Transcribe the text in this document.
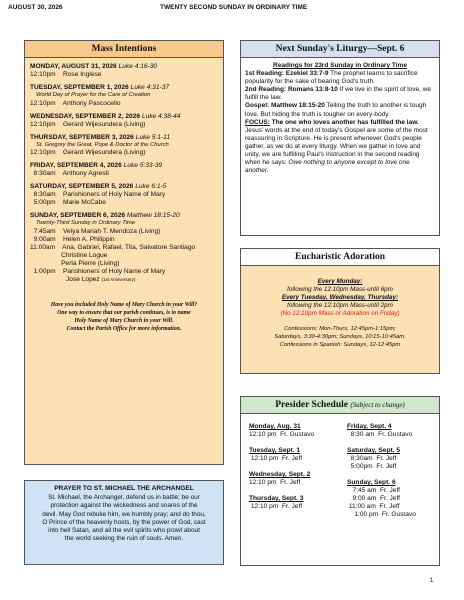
AUGUST 30, 2026	TWENTY SECOND SUNDAY IN ORDINARY TIME
Mass Intentions
MONDAY, AUGUST 31, 2026 Luke 4:16-30
12:10pm    Rose Inglese
TUESDAY, SEPTEMBER 1, 2026 Luke 4:31-37
World Day of Prayer for the Care of Creation
12:10pm    Anthony Pascocello
WEDNESDAY, SEPTEMBER 2, 2026 Luke 4:38-44
12:10pm    Gerard Wijesundera (Living)
THURSDAY, SEPTEMBER 3, 2026 Luke 5:1-11
St. Gregory the Great, Pope & Doctor of the Church
12:10pm    Gerard Wijesundera (Living)
FRIDAY, SEPTEMBER 4, 2026 Luke 5:33-39
8:30am    Anthony Agresti
SATURDAY, SEPTEMBER 5, 2026 Luke 6:1-5
8:30am    Parishioners of Holy Name of Mary
5:00pm    Marie McCabe
SUNDAY, SEPTEMBER 6, 2026 Matthew 18:15-20
Twenty-Third Sunday in Ordinary Time
7:45am    Velya Mariah T. Mendoza (Living)
9:00am    Helen A. Philippin
11:00am    Ana, Gabriel, Rafael, Tita, Salvatore Santiago
Christine Logue
Perla Pierre (Living)
1:00pm    Parishioners of Holy Name of Mary
Jose Lopez (1st Anniversary)
Have you included Holy Name of Mary Church in your Will?
One way to ensure that our parish continues, is to name
Holy Name of Mary Church in your Will.
Contact the Parish Office for more information.
PRAYER TO ST. MICHAEL THE ARCHANGEL
St. Michael, the Archangel, defend us in battle; be our
protection against the wickedness and snares of the
devil. May God rebuke him, we humbly pray; and do thou,
O Prince of the heavenly hosts, by the power of God, cast
into hell Satan, and all the evil spirits who prowl about
the world seeking the ruin of souls. Amen.
Next Sunday's Liturgy—Sept. 6

Readings for 23rd Sunday in Ordinary Time

1st Reading: Ezekiel 33:7-9 The prophet learns to sacrifice popularity for the sake of bearing God's truth.

2nd Reading: Romans 13:8-10 If we live in the spirit of love, we fulfill the law.

Gospel: Matthew 18:15-20 Telling the truth to another is tough love. But hiding the truth is tougher on every-body.

FOCUS: The one who loves another has fulfilled the law. Jesus' words at the end of today's Gospel are some of the most reassuring in Scripture. He is present whenever God's people gather, as we do at every liturgy. When we gather in love and unity, we are fulfilling Paul's instruction in the second reading when he says: Owe nothing to anyone except to love one another.

Eucharistic Adoration

Every Monday:

following the 12:10pm Mass-until 6pm

Every Tuesday, Wednesday, Thursday:

following the 12:10pm Mass-until 2pm

(No 12:10pm Mass or Adoration on Friday)

Confessions: Mon-Thurs, 12:45pm-1:15pm;

Saturdays, 3:30-4:30pm; Sundays, 10:15-10:45am.

Confessions in Spanish: Sundays, 12-12:45pm

Presider Schedule (Subject to change)
Monday, Aug. 31
12:10 pm  Fr. Gustavo
Tuesday, Sept. 1
12:10 pm  Fr. Jeff
Wednesday, Sept. 2
12:10 pm  Fr. Jeff
Thursday, Sept. 3
12:10 pm  Fr. Jeff
Friday, Sept. 4
8:30 am  Fr. Gustavo
Saturday, Sept. 5
8:30am  Fr. Jeff
5:00pm  Fr. Jeff
Sunday, Sept. 6
7:45 am  Fr. Jeff
9:00 am  Fr. Jeff
11:00 am  Fr. Jeff
1:00 pm  Fr. Gustavo
1
